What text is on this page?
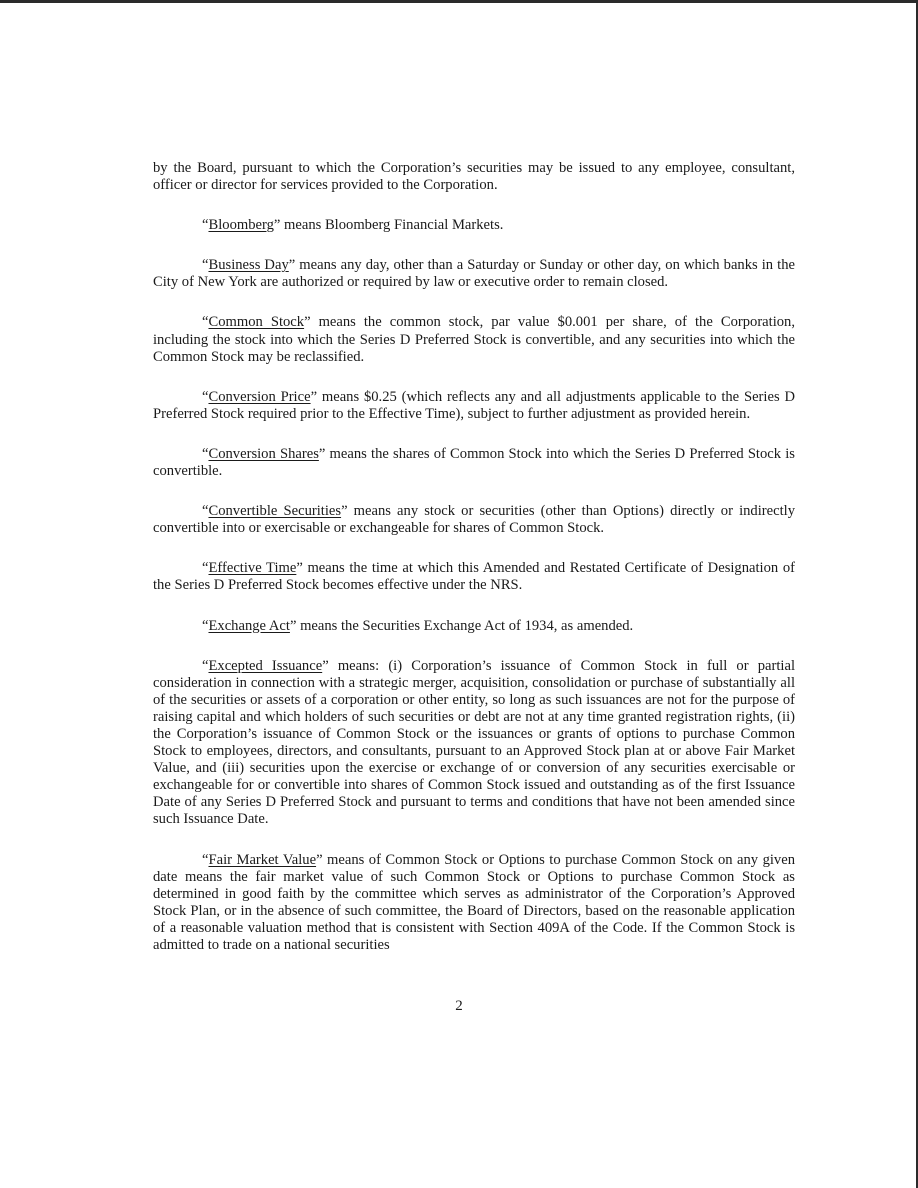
by the Board, pursuant to which the Corporation’s securities may be issued to any employee, consultant, officer or director for services provided to the Corporation.

“Bloomberg” means Bloomberg Financial Markets.

“Business Day” means any day, other than a Saturday or Sunday or other day, on which banks in the City of New York are authorized or required by law or executive order to remain closed.

“Common Stock” means the common stock, par value $0.001 per share, of the Corporation, including the stock into which the Series D Preferred Stock is convertible, and any securities into which the Common Stock may be reclassified.

“Conversion Price” means $0.25 (which reflects any and all adjustments applicable to the Series D Preferred Stock required prior to the Effective Time), subject to further adjustment as provided herein.

“Conversion Shares” means the shares of Common Stock into which the Series D Preferred Stock is convertible.

“Convertible Securities” means any stock or securities (other than Options) directly or indirectly convertible into or exercisable or exchangeable for shares of Common Stock.

“Effective Time” means the time at which this Amended and Restated Certificate of Designation of the Series D Preferred Stock becomes effective under the NRS.

“Exchange Act” means the Securities Exchange Act of 1934, as amended.

“Excepted Issuance” means: (i) Corporation’s issuance of Common Stock in full or partial consideration in connection with a strategic merger, acquisition, consolidation or purchase of substantially all of the securities or assets of a corporation or other entity, so long as such issuances are not for the purpose of raising capital and which holders of such securities or debt are not at any time granted registration rights, (ii) the Corporation’s issuance of Common Stock or the issuances or grants of options to purchase Common Stock to employees, directors, and consultants, pursuant to an Approved Stock plan at or above Fair Market Value, and (iii) securities upon the exercise or exchange of or conversion of any securities exercisable or exchangeable for or convertible into shares of Common Stock issued and outstanding as of the first Issuance Date of any Series D Preferred Stock and pursuant to terms and conditions that have not been amended since such Issuance Date.

“Fair Market Value” means of Common Stock or Options to purchase Common Stock on any given date means the fair market value of such Common Stock or Options to purchase Common Stock as determined in good faith by the committee which serves as administrator of the Corporation’s Approved Stock Plan, or in the absence of such committee, the Board of Directors, based on the reasonable application of a reasonable valuation method that is consistent with Section 409A of the Code. If the Common Stock is admitted to trade on a national securities

2
